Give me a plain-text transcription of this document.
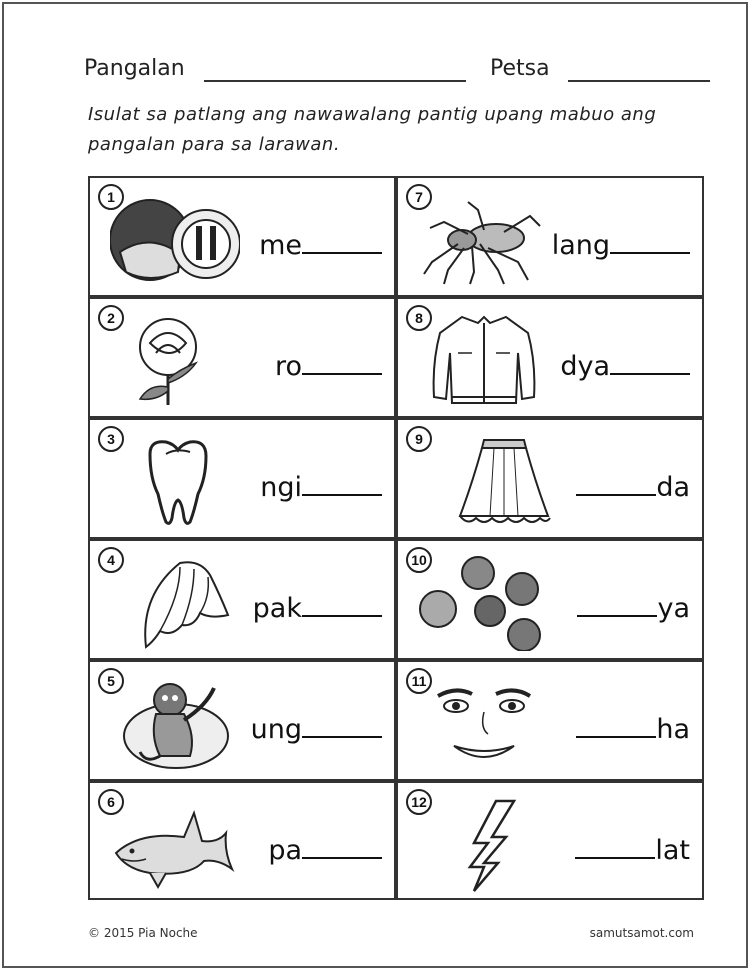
Pangalan	Petsa
Isulat sa patlang ang nawawalang pantig upang mabuo ang pangalan para sa larawan.
1
me
2
ro
3
ngi
4
pak
5
ung
6
pa
7
lang
8
dya
9
da
10
ya
11
ha
12
lat
© 2015 Pia Noche	samutsamot.com
